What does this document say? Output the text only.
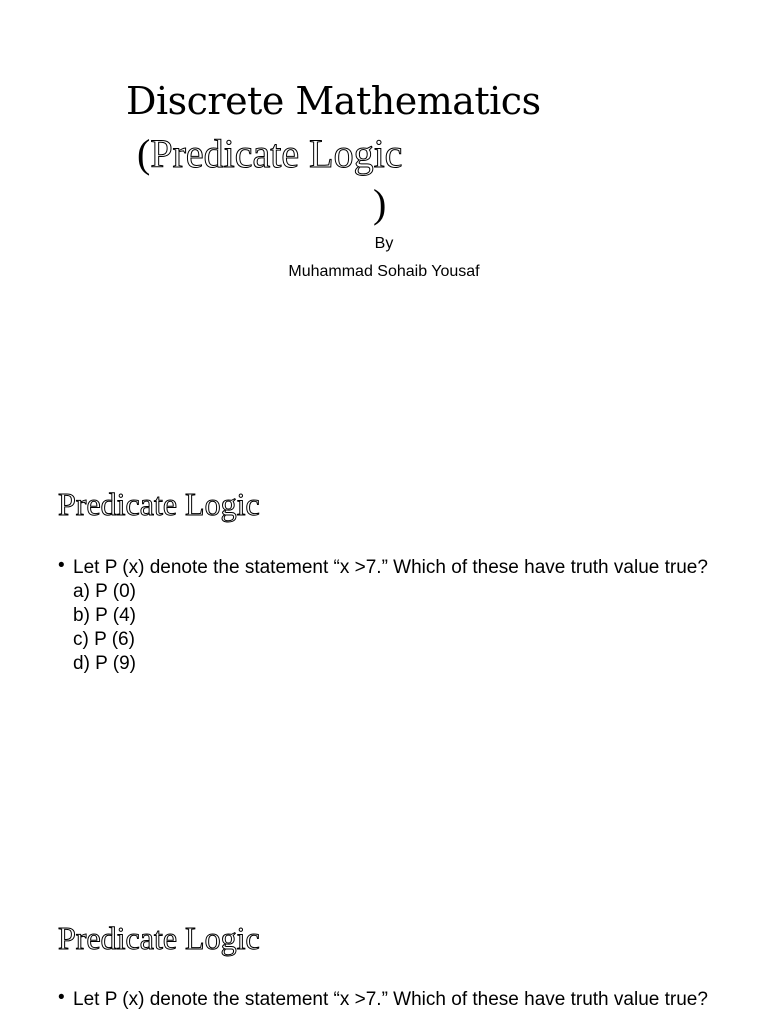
Discrete Mathematics
(Predicate Logic
)
By
Muhammad Sohaib Yousaf
Predicate Logic
• Let P (x) denote the statement “x >7.” Which of these have truth value true?
a) P (0)
b) P (4)
c) P (6)
d) P (9)
Predicate Logic
• Let P (x) denote the statement “x >7.” Which of these have truth value true?
